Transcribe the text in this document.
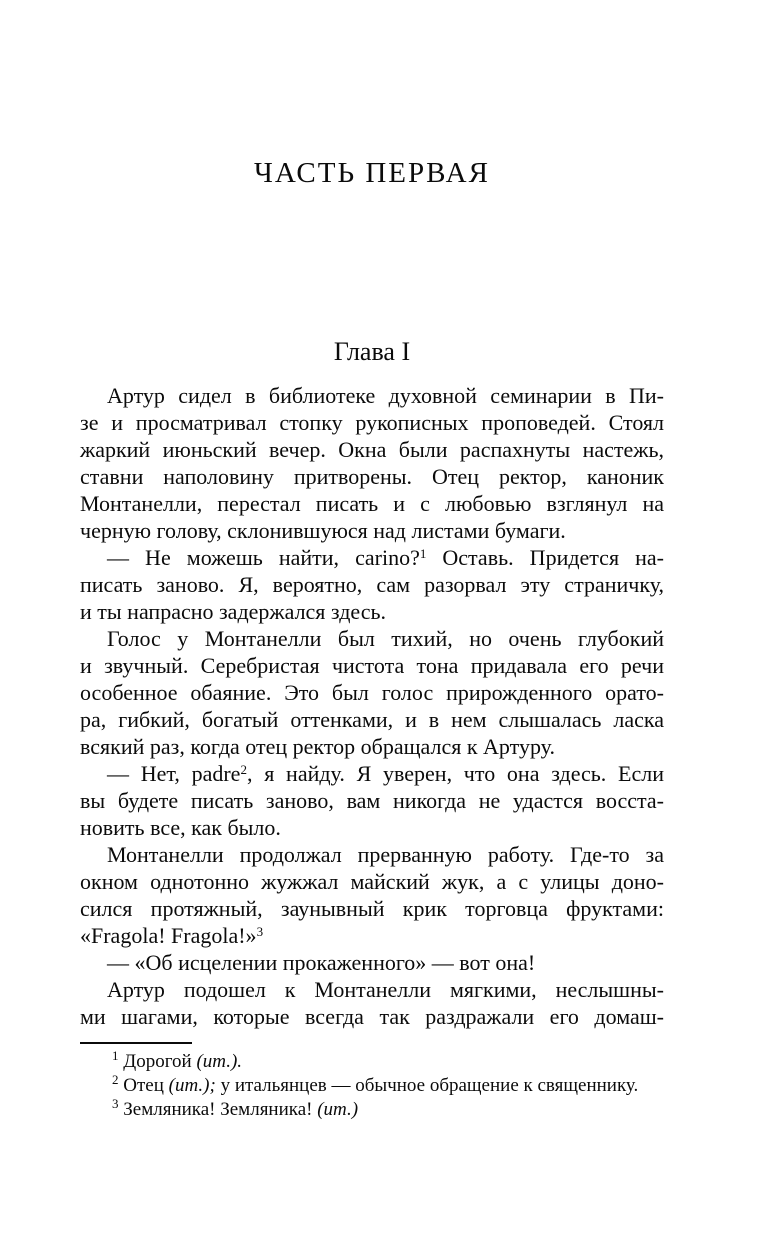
ЧАСТЬ ПЕРВАЯ
Глава I
Артур сидел в библиотеке духовной семинарии в Пи-
зе и просматривал стопку рукописных проповедей. Стоял
жаркий июньский вечер. Окна были распахнуты настежь,
ставни наполовину притворены. Отец ректор, каноник
Монтанелли, перестал писать и с любовью взглянул на
черную голову, склонившуюся над листами бумаги.
— Не можешь найти, carino?$^1$ Оставь. Придется на-
писать заново. Я, вероятно, сам разорвал эту страничку,
и ты напрасно задержался здесь.
Голос у Монтанелли был тихий, но очень глубокий
и звучный. Серебристая чистота тона придавала его речи
особенное обаяние. Это был голос прирожденного орато-
ра, гибкий, богатый оттенками, и в нем слышалась ласка
всякий раз, когда отец ректор обращался к Артуру.
— Нет, padre$^2$, я найду. Я уверен, что она здесь. Если
вы будете писать заново, вам никогда не удастся восста-
новить все, как было.
Монтанелли продолжал прерванную работу. Где-то за
окном однотонно жужжал майский жук, а с улицы доно-
сился протяжный, заунывный крик торговца фруктами:
«Fragola! Fragola!»$^3$
— «Об исцелении прокаженного» — вот она!
Артур подошел к Монтанелли мягкими, неслышны-
ми шагами, которые всегда так раздражали его домаш-
$^1$ Дорогой (ит.).
$^2$ Отец (ит.); у итальянцев — обычное обращение к священнику.
$^3$ Земляника! Земляника! (ит.)
